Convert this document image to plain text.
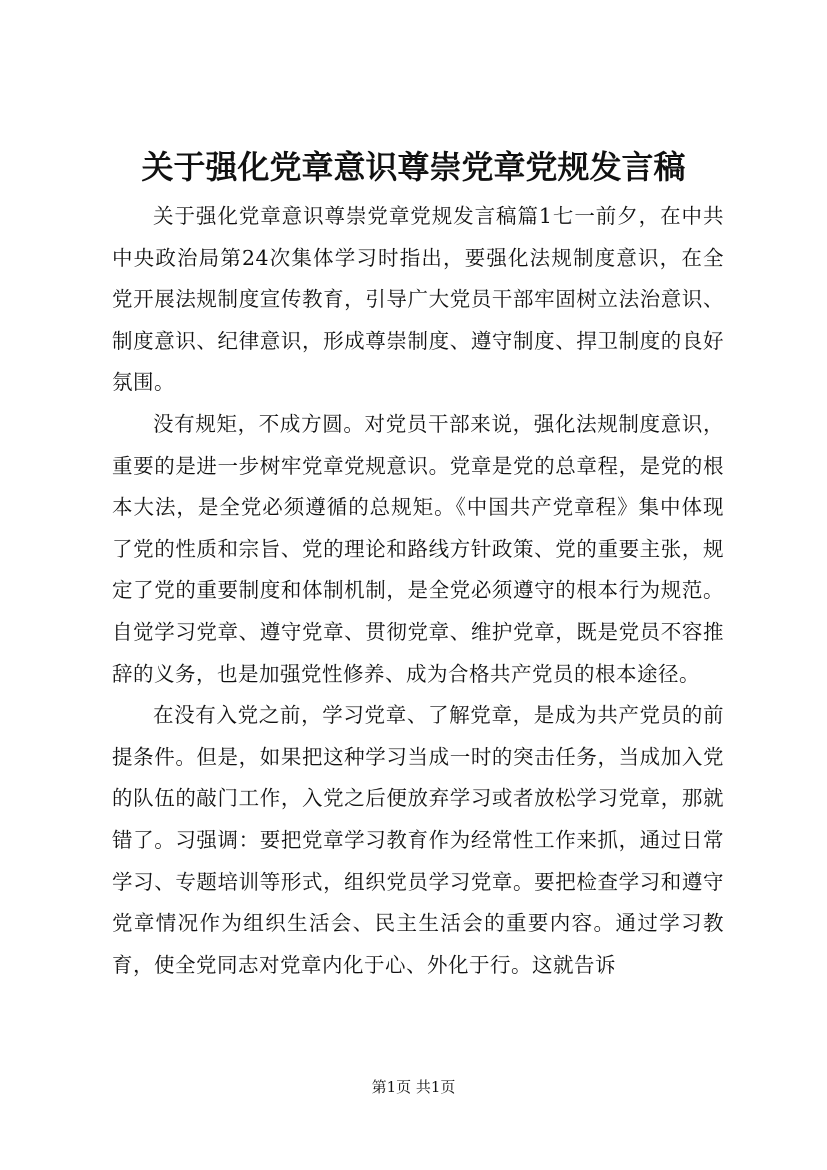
关于强化党章意识尊崇党章党规发言稿

关于强化党章意识尊崇党章党规发言稿篇1七一前夕，在中共中央政治局第24次集体学习时指出，要强化法规制度意识，在全党开展法规制度宣传教育，引导广大党员干部牢固树立法治意识、制度意识、纪律意识，形成尊崇制度、遵守制度、捍卫制度的良好氛围。

没有规矩，不成方圆。对党员干部来说，强化法规制度意识，重要的是进一步树牢党章党规意识。党章是党的总章程，是党的根本大法，是全党必须遵循的总规矩。《中国共产党章程》集中体现了党的性质和宗旨、党的理论和路线方针政策、党的重要主张，规定了党的重要制度和体制机制，是全党必须遵守的根本行为规范。自觉学习党章、遵守党章、贯彻党章、维护党章，既是党员不容推辞的义务，也是加强党性修养、成为合格共产党员的根本途径。

在没有入党之前，学习党章、了解党章，是成为共产党员的前提条件。但是，如果把这种学习当成一时的突击任务，当成加入党的队伍的敲门工作，入党之后便放弃学习或者放松学习党章，那就错了。习强调：要把党章学习教育作为经常性工作来抓，通过日常学习、专题培训等形式，组织党员学习党章。要把检查学习和遵守党章情况作为组织生活会、民主生活会的重要内容。通过学习教育，使全党同志对党章内化于心、外化于行。这就告诉

第1页 共1页
